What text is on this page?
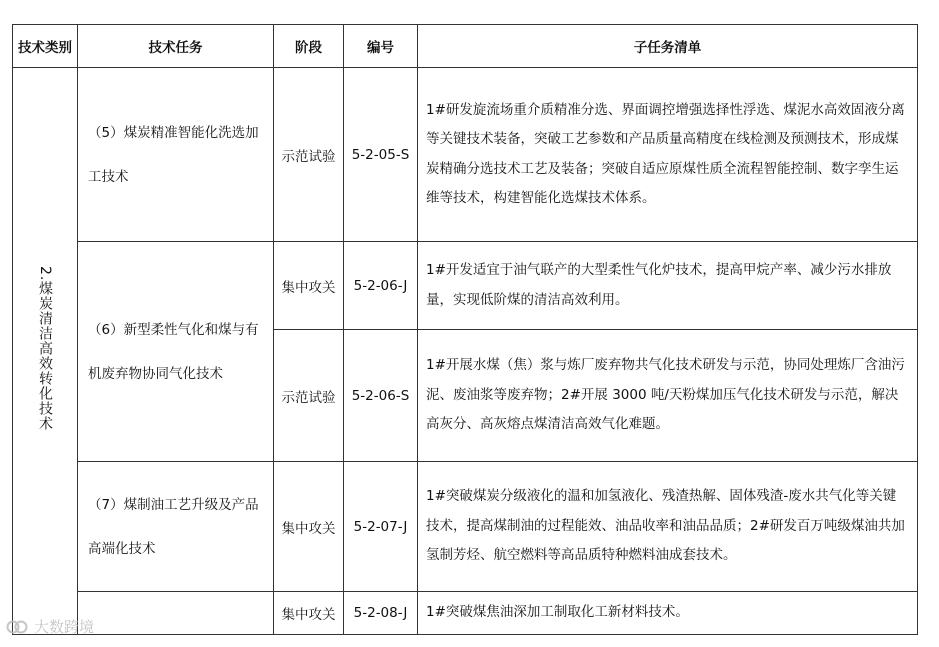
技术类别	技术任务	阶段	编号	子任务清单
2.煤炭清洁高效转化技术	（5）煤炭精准智能化洗选加工技术	示范试验	5-2-05-S	1#研发旋流场重介质精准分选、界面调控增强选择性浮选、煤泥水高效固液分离等关键技术装备，突破工艺参数和产品质量高精度在线检测及预测技术，形成煤炭精确分选技术工艺及装备；突破自适应原煤性质全流程智能控制、数字孪生运维等技术，构建智能化选煤技术体系。
	（6）新型柔性气化和煤与有机废弃物协同气化技术	集中攻关	5-2-06-J	1#开发适宜于油气联产的大型柔性气化炉技术，提高甲烷产率、减少污水排放量，实现低阶煤的清洁高效利用。
		示范试验	5-2-06-S	1#开展水煤（焦）浆与炼厂废弃物共气化技术研发与示范，协同处理炼厂含油污泥、废油浆等废弃物；2#开展 3000 吨/天粉煤加压气化技术研发与示范，解决高灰分、高灰熔点煤清洁高效气化难题。
	（7）煤制油工艺升级及产品高端化技术	集中攻关	5-2-07-J	1#突破煤炭分级液化的温和加氢液化、残渣热解、固体残渣-废水共气化等关键技术，提高煤制油的过程能效、油品收率和油品品质；2#研发百万吨级煤油共加氢制芳烃、航空燃料等高品质特种燃料油成套技术。
		集中攻关	5-2-08-J	1#突破煤焦油深加工制取化工新材料技术。
大数跨境
